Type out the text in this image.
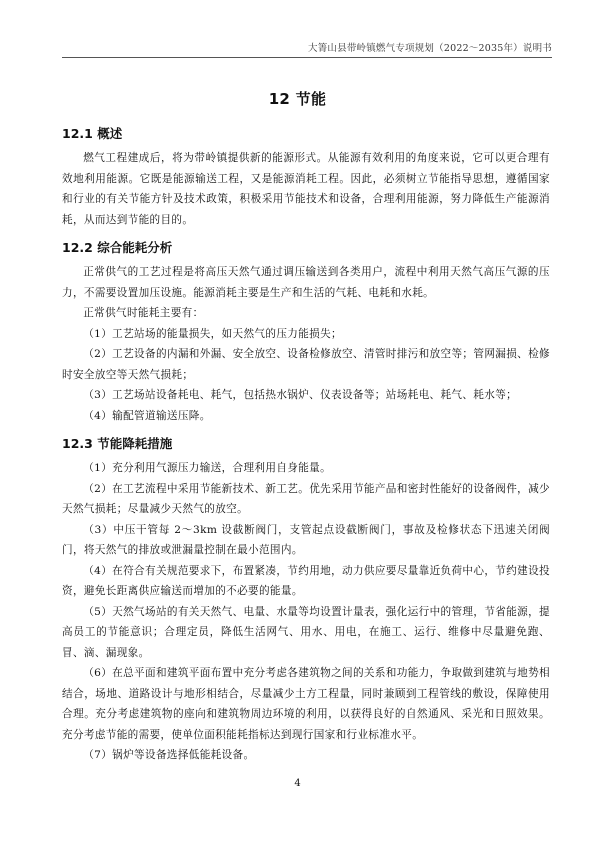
大箐山县带岭镇燃气专项规划（2022～2035年）说明书
12 节能
12.1 概述

燃气工程建成后，将为带岭镇提供新的能源形式。从能源有效利用的角度来说，它可以更合理有效地利用能源。它既是能源输送工程，又是能源消耗工程。因此，必须树立节能指导思想，遵循国家和行业的有关节能方针及技术政策，积极采用节能技术和设备，合理利用能源，努力降低生产能源消耗，从而达到节能的目的。

12.2 综合能耗分析

正常供气的工艺过程是将高压天然气通过调压输送到各类用户，流程中利用天然气高压气源的压力，不需要设置加压设施。能源消耗主要是生产和生活的气耗、电耗和水耗。

正常供气时能耗主要有：

（1）工艺站场的能量损失，如天然气的压力能损失；

（2）工艺设备的内漏和外漏、安全放空、设备检修放空、清管时排污和放空等；管网漏损、检修时安全放空等天然气损耗；

（3）工艺场站设备耗电、耗气，包括热水锅炉、仪表设备等；站场耗电、耗气、耗水等；

（4）输配管道输送压降。

12.3 节能降耗措施

（1）充分利用气源压力输送，合理利用自身能量。

（2）在工艺流程中采用节能新技术、新工艺。优先采用节能产品和密封性能好的设备阀件，减少天然气损耗；尽量减少天然气的放空。

（3）中压干管每 2～3km 设截断阀门，支管起点设截断阀门，事故及检修状态下迅速关闭阀门，将天然气的排放或泄漏量控制在最小范围内。

（4）在符合有关规范要求下，布置紧凑，节约用地，动力供应要尽量靠近负荷中心，节约建设投资，避免长距离供应输送而增加的不必要的能量。

（5）天然气场站的有关天然气、电量、水量等均设置计量表，强化运行中的管理，节省能源，提高员工的节能意识；合理定员，降低生活网气、用水、用电，在施工、运行、维修中尽量避免跑、冒、滴、漏现象。

（6）在总平面和建筑平面布置中充分考虑各建筑物之间的关系和功能力，争取做到建筑与地势相结合，场地、道路设计与地形相结合，尽量减少土方工程量，同时兼顾到工程管线的敷设，保障使用合理。充分考虑建筑物的座向和建筑物周边环境的利用，以获得良好的自然通风、采光和日照效果。充分考虑节能的需要，使单位面积能耗指标达到现行国家和行业标准水平。

（7）锅炉等设备选择低能耗设备。

4
